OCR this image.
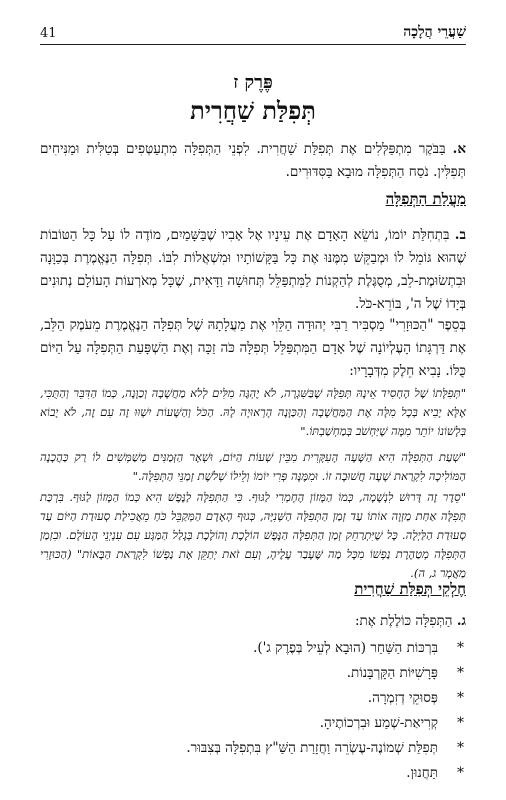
שַׁעֲרֵי הֲלָכָה
41
פֶּרֶק ז
תְּפִלַּת שַׁחֲרִית
א. בַּבֹּקֶר מִתְפַּלְּלִים אֶת תְּפִלַּת שַׁחֲרִית. לִפְנֵי הַתְּפִלָּה מִתְעַטְּפִים בְּטַלִּית וּמַנִּיחִים תְּפִלִּין. נֹסַח הַתְּפִלָּה מוּבָא בַּסִּדּוּרִים.
מַעֲלַת הַתְּפִלָּה
ב. בִּתְחִלַּת יוֹמוֹ, נוֹשֵׂא הָאָדָם אֶת עֵינָיו אֶל אָבִיו שֶׁבַּשָּׁמַיִם, מוֹדֶה לוֹ עַל כָּל הַטּוֹבוֹת שֶׁהוּא גּוֹמֵל לוֹ וּמְבַקֵּשׁ מִמֶּנּוּ אֶת כָּל בַּקָּשׁוֹתָיו וּמִשְׁאֲלוֹת לִבּוֹ. תְּפִלָּה הַנֶּאֱמֶרֶת בְּכַוָּנָה וּבִתְשׂוּמֶת-לֵב, מְסֻגֶּלֶת לְהַקְנוֹת לַמִּתְפַּלֵּל תְּחוּשָׁה וַדָּאִית, שֶׁכָּל מְאֹרְעוֹת הָעוֹלָם נְתוּנִים בְּיָדוֹ שֶׁל ה', בּוֹרֵא-כֹּל.
בְּסֵפֶר "הַכּוּזָרִי" מַסְבִּיר רַבִּי יְהוּדָה הַלֵּוִי אֶת מַעֲלָתָהּ שֶׁל תְּפִלָּה הַנֶּאֱמֶרֶת מֵעֹמֶק הַלֵּב, אֶת דַּרְגָּתוֹ הָעֶלְיוֹנָה שֶׁל אָדָם הַמִּתְפַּלֵּל תְּפִלָּה כֹּה זַכָּה וְאֶת הַשְׁפָּעַת הַתְּפִלָּה עַל הַיּוֹם כֻּלּוֹ. נָבִיא חֵלֶק מִדְּבָרָיו:
"תְּפִלָּתוֹ שֶׁל הֶחָסִיד אֵינָהּ תְּפִלָּה שֶׁבַּשִּׁגְרָה, לֹא יֶהְגֶּה מִלִּים לְלֹא מַחֲשָׁבָה וְכַוָּנָה, כְּמוֹ הַדִּבֵּר וְהַתֻּכִּי, אֶלָּא יָבִיא בְּכָל מִלָּה אֶת הַמַּחֲשָׁבָה וְהַכַּוָּנָה הָרְאוּיָה לָהּ. הַכֹּל וְהַשָּׁעוֹת יִשְׁוּוּ זֶה עִם זֶה, לֹא יָבוֹא בְּלָשׁוֹנוֹ יוֹתֵר מִמָּה שֶׁיַּחְשֹׁב בְּמַחְשַׁבְתּוֹ."
"שְׁעַת הַתְּפִלָּה הִיא הַשָּׁעָה הָעִקָּרִית מִבֵּין שְׁעוֹת הַיּוֹם, וּשְׁאָר הַזְּמַנִּים מְשַׁמְּשִׁים לוֹ רַק כַּהֲכָנָה הַמּוֹלִיכָה לִקְרַאת שָׁעָה חֲשׁוּבָה זוֹ. וּמִמֶּנָּה פְּרִי יוֹמוֹ וְלֵילוֹ שְׁלֹשֶׁת זְמַנֵּי הַתְּפִלָּה."
"סֵדֶר זֶה דָּרוּשׁ לִנְשָׁמָה, כְּמוֹ הַמָּזוֹן הֶחָמְרִי לַגּוּף. כִּי הַתְּפִלָּה לַנֶּפֶשׁ הִיא כְּמוֹ הַמָּזוֹן לַגּוּף. בִּרְכַּת תְּפִלָּה אַחַת מַזְוָה אוֹתוֹ עַד זְמַן הַתְּפִלָּה הַשְּׁנִיָּה, כְּגוּף הָאָדָם הַמְּקַבֵּל כֹּחַ מֵאֲכִילַת סְעוּדַת הַיּוֹם עַד סְעוּדַת הַלַּיְלָה. כָּל שֶׁיִּתְרַחֵק זְמַן הַתְּפִלָּה הַנֶּפֶשׁ הוֹלֶכֶת וְהוֹלֶכֶת בְּגָלַל הַמַּגָּע עִם עִנְיְנֵי הָעוֹלָם. וּבִזְמַן הַתְּפִלָּה מְטַהֶרֶת נַפְשׁוֹ מִכָּל מַה שֶּׁעָבַר עָלֶיהָ, וְעִם זֹאת יְתַקֵּן אֶת נַפְשׁוֹ לִקְרַאת הַבָּאוֹת" (הַכּוּזָרִי מַאֲמָר ג, ה).
חֶלְקֵי תְּפִלַּת שַׁחֲרִית
ג. הַתְּפִלָּה כּוֹלֶלֶת אֶת:
*
בִּרְכּוֹת הַשַּׁחַר (הוּבָא לְעֵיל בְּפֶרֶק ג').
*
פָּרָשִׁיּוֹת הַקָּרְבָּנוֹת.
*
פְּסוּקֵי דְזִמְרָה.
*
קְרִיאַת-שְׁמַע וּבִרְכוֹתֶיהָ.
*
תְּפִלַּת שְׁמוֹנֶה-עֶשְׂרֵה וַחֲזָרַת הַשַּׁ"ץ בִּתְפִלָּה בְּצִבּוּר.
*
תַּחֲנוּן.
